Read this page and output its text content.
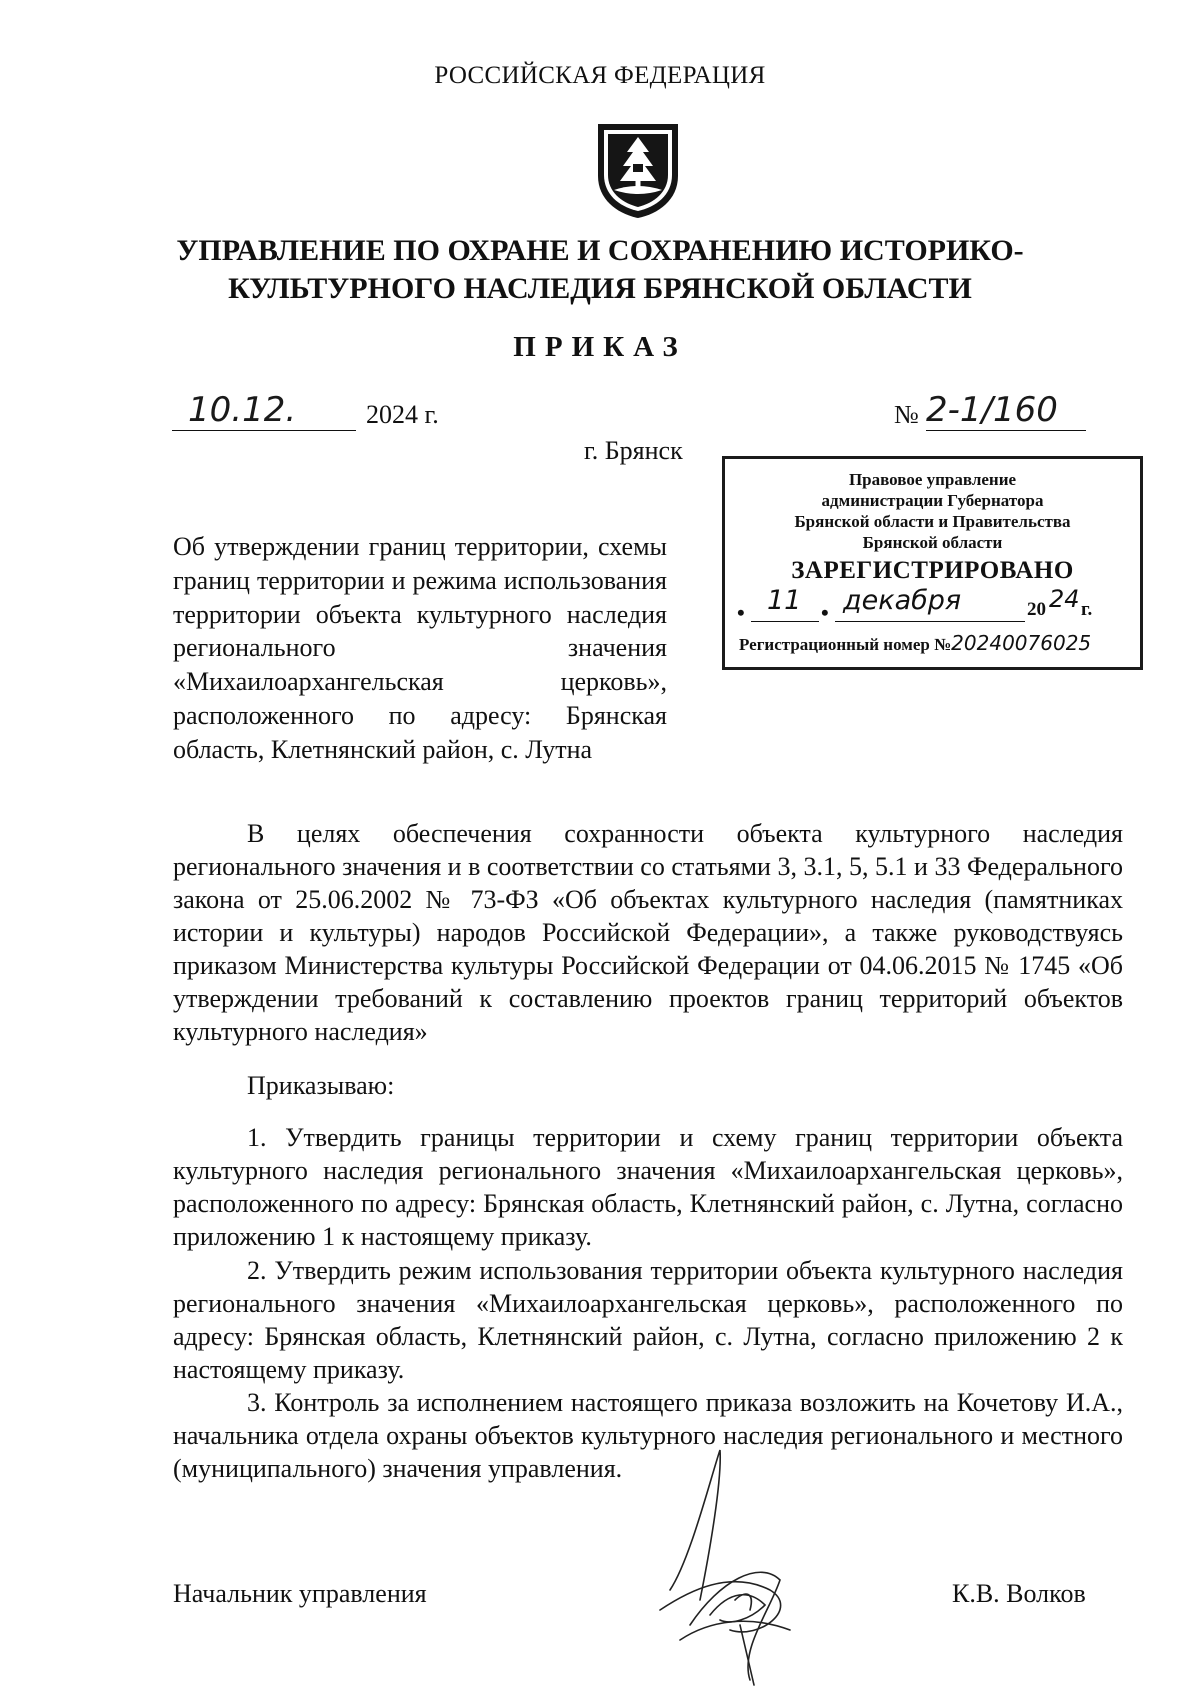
РОССИЙСКАЯ ФЕДЕРАЦИЯ
УПРАВЛЕНИЕ ПО ОХРАНЕ И СОХРАНЕНИЮ ИСТОРИКО-
КУЛЬТУРНОГО НАСЛЕДИЯ БРЯНСКОЙ ОБЛАСТИ
ПРИКАЗ
10.12.	2024 г.	№ 2-1/160
г. Брянск
Правовое управление
администрации Губернатора
Брянской области и Правительства
Брянской области
ЗАРЕГИСТРИРОВАНО
• 11 • декабря	20 24 г.
Регистрационный номер №20240076025
Об утверждении границ территории, схемы границ территории и режима использования территории объекта культурного наследия регионального значения «Михаилоархангельская церковь», расположенного по адресу: Брянская область, Клетнянский район, с. Лутна
В целях обеспечения сохранности объекта культурного наследия регионального значения и в соответствии со статьями 3, 3.1, 5, 5.1 и 33 Федерального закона от 25.06.2002 № 73-ФЗ «Об объектах культурного наследия (памятниках истории и культуры) народов Российской Федерации», а также руководствуясь приказом Министерства культуры Российской Федерации от 04.06.2015 № 1745 «Об утверждении требований к составлению проектов границ территорий объектов культурного наследия»
Приказываю:
1. Утвердить границы территории и схему границ территории объекта культурного наследия регионального значения «Михаилоархангельская церковь», расположенного по адресу: Брянская область, Клетнянский район, с. Лутна, согласно приложению 1 к настоящему приказу.
2. Утвердить режим использования территории объекта культурного наследия регионального значения «Михаилоархангельская церковь», расположенного по адресу: Брянская область, Клетнянский район, с. Лутна, согласно приложению 2 к настоящему приказу.
3. Контроль за исполнением настоящего приказа возложить на Кочетову И.А., начальника отдела охраны объектов культурного наследия регионального и местного (муниципального) значения управления.
Начальник управления	К.В. Волков
